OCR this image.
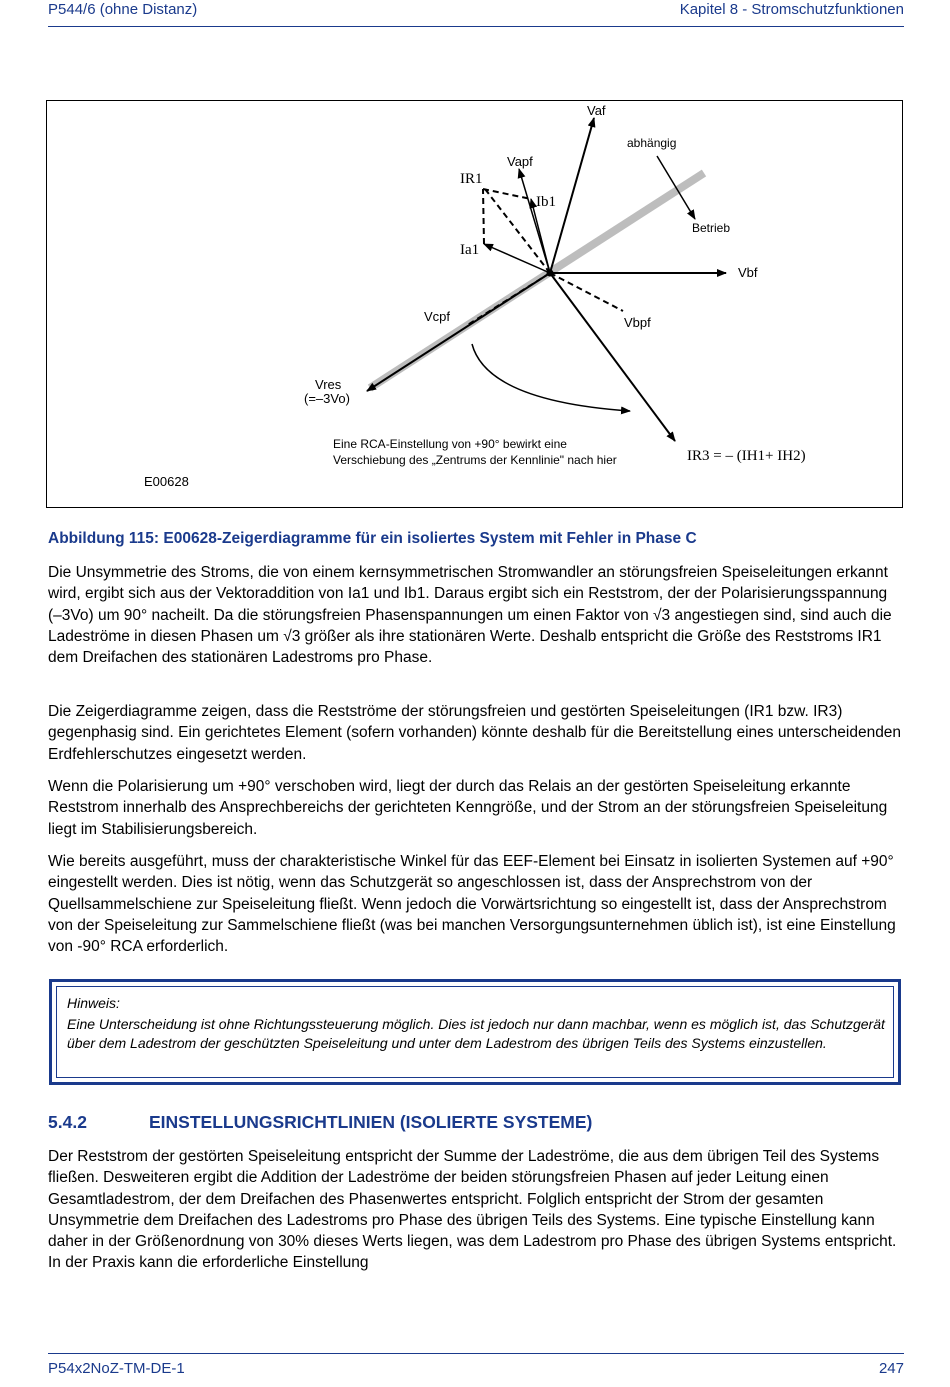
P544/6 (ohne Distanz)	Kapitel 8 - Stromschutzfunktionen
Vaf
abhängig
Vapf
IR1
Ib1
Ia1
Betrieb
Vbf
Vcpf	Vbpf
Vres
(=–3Vo)
Eine RCA-Einstellung von +90° bewirkt eine
Verschiebung des „Zentrums der Kennlinie" nach hier	IR3 = – (IH1+ IH2)
E00628
Abbildung 115: E00628-Zeigerdiagramme für ein isoliertes System mit Fehler in Phase C

Die Unsymmetrie des Stroms, die von einem kernsymmetrischen Stromwandler an störungsfreien Speiseleitungen erkannt wird, ergibt sich aus der Vektoraddition von Ia1 und Ib1. Daraus ergibt sich ein Reststrom, der der Polarisierungsspannung (–3Vo) um 90° nacheilt. Da die störungsfreien Phasenspannungen um einen Faktor von √3 angestiegen sind, sind auch die Ladeströme in diesen Phasen um √3 größer als ihre stationären Werte. Deshalb entspricht die Größe des Reststroms IR1 dem Dreifachen des stationären Ladestroms pro Phase.

Die Zeigerdiagramme zeigen, dass die Restströme der störungsfreien und gestörten Speiseleitungen (IR1 bzw. IR3) gegenphasig sind. Ein gerichtetes Element (sofern vorhanden) könnte deshalb für die Bereitstellung eines unterscheidenden Erdfehlerschutzes eingesetzt werden.

Wenn die Polarisierung um +90° verschoben wird, liegt der durch das Relais an der gestörten Speiseleitung erkannte Reststrom innerhalb des Ansprechbereichs der gerichteten Kenngröße, und der Strom an der störungsfreien Speiseleitung liegt im Stabilisierungsbereich.

Wie bereits ausgeführt, muss der charakteristische Winkel für das EEF-Element bei Einsatz in isolierten Systemen auf +90° eingestellt werden. Dies ist nötig, wenn das Schutzgerät so angeschlossen ist, dass der Ansprechstrom von der Quellsammelschiene zur Speiseleitung fließt. Wenn jedoch die Vorwärtsrichtung so eingestellt ist, dass der Ansprechstrom von der Speiseleitung zur Sammelschiene fließt (was bei manchen Versorgungsunternehmen üblich ist), ist eine Einstellung von -90° RCA erforderlich.

Hinweis:
Eine Unterscheidung ist ohne Richtungssteuerung möglich. Dies ist jedoch nur dann machbar, wenn es möglich ist, das Schutzgerät über dem Ladestrom der geschützten Speiseleitung und unter dem Ladestrom des übrigen Teils des Systems einzustellen.
5.4.2	EINSTELLUNGSRICHTLINIEN (ISOLIERTE SYSTEME)

Der Reststrom der gestörten Speiseleitung entspricht der Summe der Ladeströme, die aus dem übrigen Teil des Systems fließen. Desweiteren ergibt die Addition der Ladeströme der beiden störungsfreien Phasen auf jeder Leitung einen Gesamtladestrom, der dem Dreifachen des Phasenwertes entspricht. Folglich entspricht der Strom der gesamten Unsymmetrie dem Dreifachen des Ladestroms pro Phase des übrigen Teils des Systems. Eine typische Einstellung kann daher in der Größenordnung von 30% dieses Werts liegen, was dem Ladestrom pro Phase des übrigen Systems entspricht. In der Praxis kann die erforderliche Einstellung

P54x2NoZ-TM-DE-1	247
